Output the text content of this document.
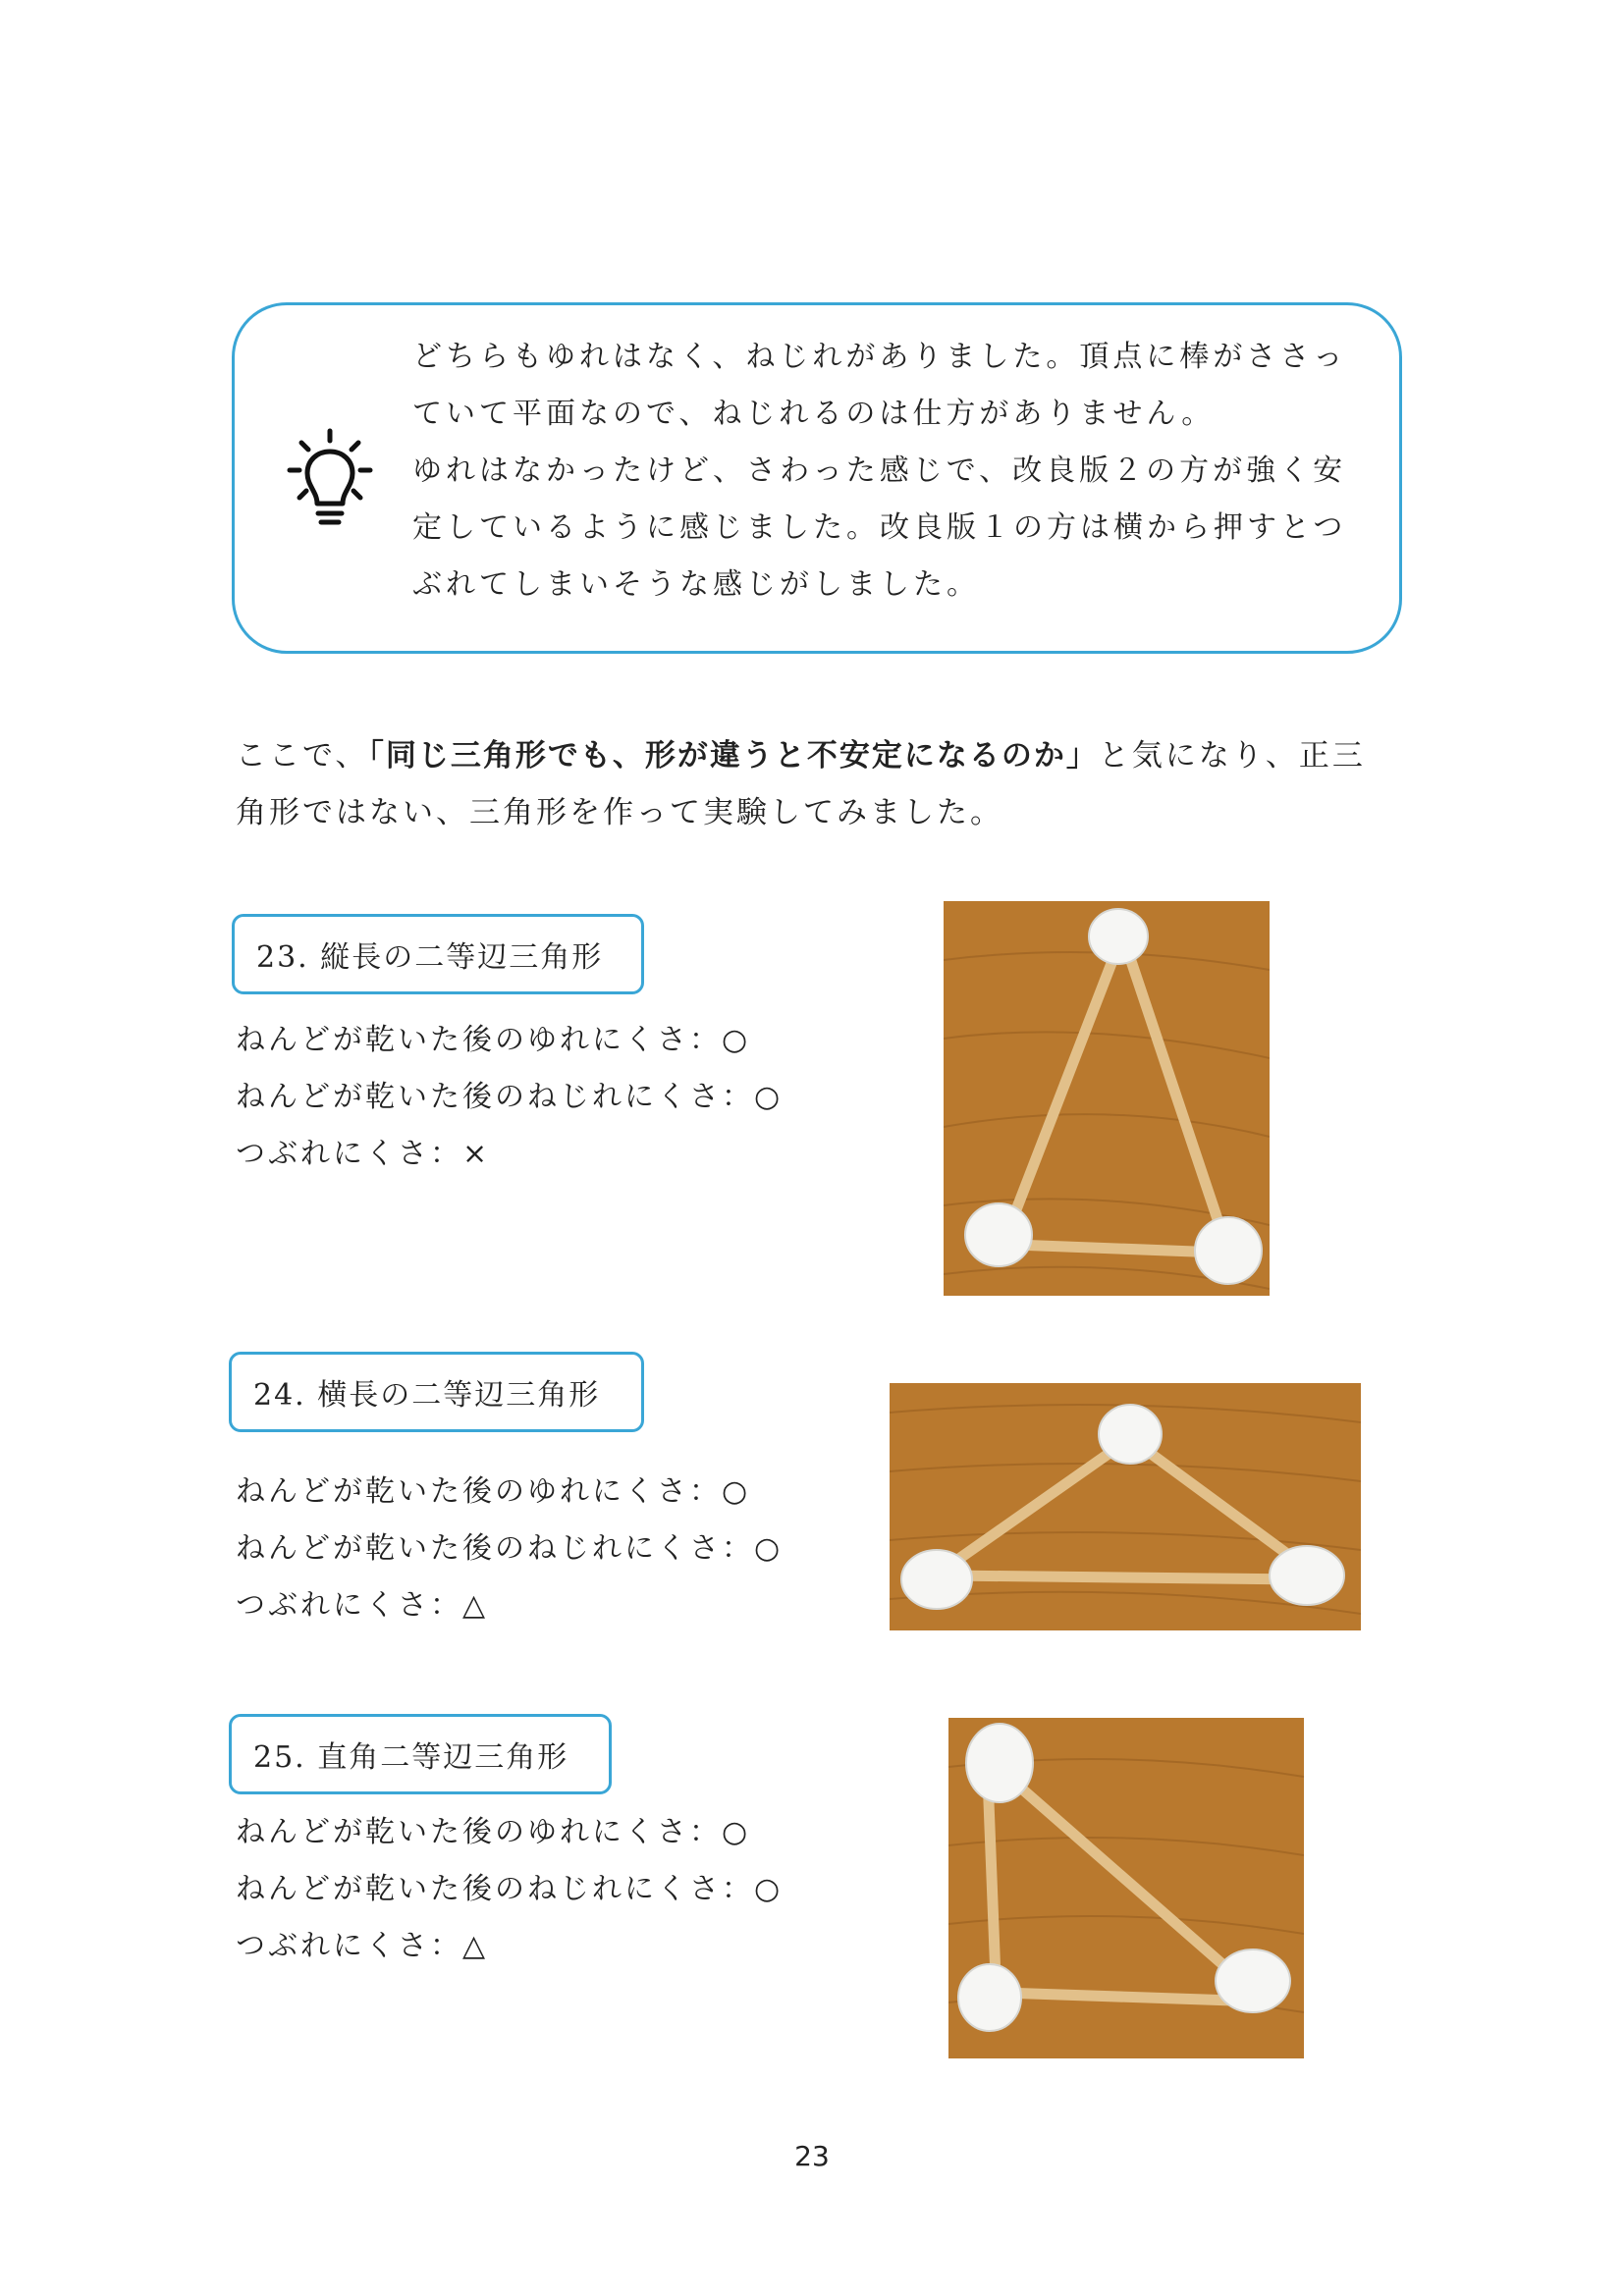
どちらもゆれはなく、ねじれがありました。頂点に棒がささっ
ていて平面なので、ねじれるのは仕方がありません。
ゆれはなかったけど、さわった感じで、改良版２の方が強く安
定しているように感じました。改良版１の方は横から押すとつ
ぶれてしまいそうな感じがしました。
ここで、「同じ三角形でも、形が違うと不安定になるのか」と気になり、正三
角形ではない、三角形を作って実験してみました。
23. 縦長の二等辺三角形
ねんどが乾いた後のゆれにくさ：○
ねんどが乾いた後のねじれにくさ：○
つぶれにくさ：×
24. 横長の二等辺三角形
ねんどが乾いた後のゆれにくさ：○
ねんどが乾いた後のねじれにくさ：○
つぶれにくさ：△
25. 直角二等辺三角形
ねんどが乾いた後のゆれにくさ：○
ねんどが乾いた後のねじれにくさ：○
つぶれにくさ：△
23
